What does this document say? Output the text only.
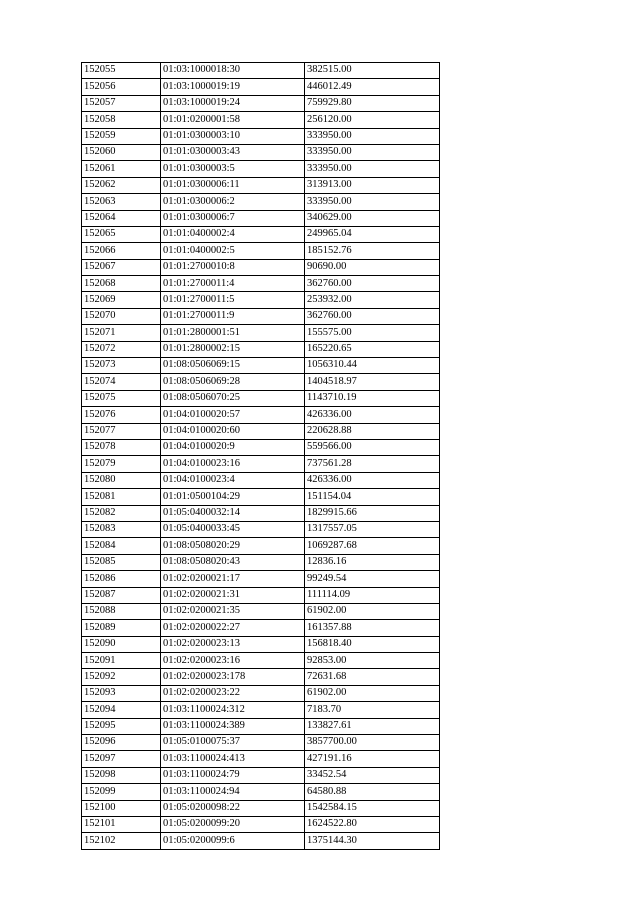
152055	01:03:1000018:30	382515.00
152056	01:03:1000019:19	446012.49
152057	01:03:1000019:24	759929.80
152058	01:01:0200001:58	256120.00
152059	01:01:0300003:10	333950.00
152060	01:01:0300003:43	333950.00
152061	01:01:0300003:5	333950.00
152062	01:01:0300006:11	313913.00
152063	01:01:0300006:2	333950.00
152064	01:01:0300006:7	340629.00
152065	01:01:0400002:4	249965.04
152066	01:01:0400002:5	185152.76
152067	01:01:2700010:8	90690.00
152068	01:01:2700011:4	362760.00
152069	01:01:2700011:5	253932.00
152070	01:01:2700011:9	362760.00
152071	01:01:2800001:51	155575.00
152072	01:01:2800002:15	165220.65
152073	01:08:0506069:15	1056310.44
152074	01:08:0506069:28	1404518.97
152075	01:08:0506070:25	1143710.19
152076	01:04:0100020:57	426336.00
152077	01:04:0100020:60	220628.88
152078	01:04:0100020:9	559566.00
152079	01:04:0100023:16	737561.28
152080	01:04:0100023:4	426336.00
152081	01:01:0500104:29	151154.04
152082	01:05:0400032:14	1829915.66
152083	01:05:0400033:45	1317557.05
152084	01:08:0508020:29	1069287.68
152085	01:08:0508020:43	12836.16
152086	01:02:0200021:17	99249.54
152087	01:02:0200021:31	111114.09
152088	01:02:0200021:35	61902.00
152089	01:02:0200022:27	161357.88
152090	01:02:0200023:13	156818.40
152091	01:02:0200023:16	92853.00
152092	01:02:0200023:178	72631.68
152093	01:02:0200023:22	61902.00
152094	01:03:1100024:312	7183.70
152095	01:03:1100024:389	133827.61
152096	01:05:0100075:37	3857700.00
152097	01:03:1100024:413	427191.16
152098	01:03:1100024:79	33452.54
152099	01:03:1100024:94	64580.88
152100	01:05:0200098:22	1542584.15
152101	01:05:0200099:20	1624522.80
152102	01:05:0200099:6	1375144.30
